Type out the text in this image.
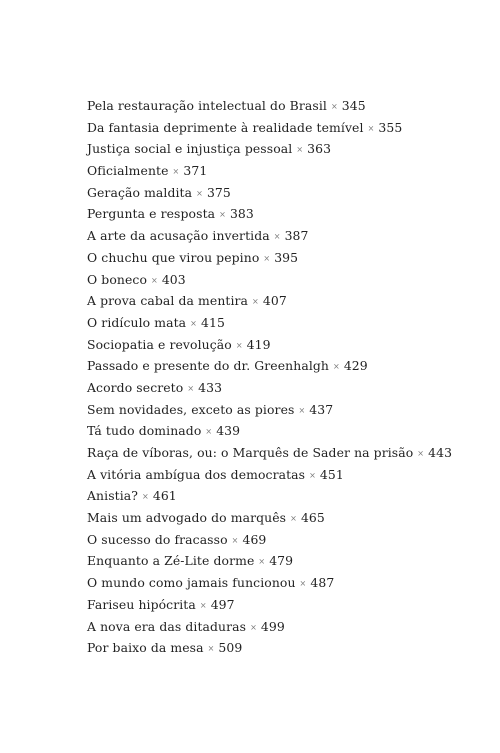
Pela restauração intelectual do Brasil × 345
Da fantasia deprimente à realidade temível × 355
Justiça social e injustiça pessoal × 363
Oficialmente × 371
Geração maldita × 375
Pergunta e resposta × 383
A arte da acusação invertida × 387
O chuchu que virou pepino × 395
O boneco × 403
A prova cabal da mentira × 407
O ridículo mata × 415
Sociopatia e revolução × 419
Passado e presente do dr. Greenhalgh × 429
Acordo secreto × 433
Sem novidades, exceto as piores × 437
Tá tudo dominado × 439
Raça de víboras, ou: o Marquês de Sader na prisão × 443
A vitória ambígua dos democratas × 451
Anistia? × 461
Mais um advogado do marquês × 465
O sucesso do fracasso × 469
Enquanto a Zé-Lite dorme × 479
O mundo como jamais funcionou × 487
Fariseu hipócrita × 497
A nova era das ditaduras × 499
Por baixo da mesa × 509
